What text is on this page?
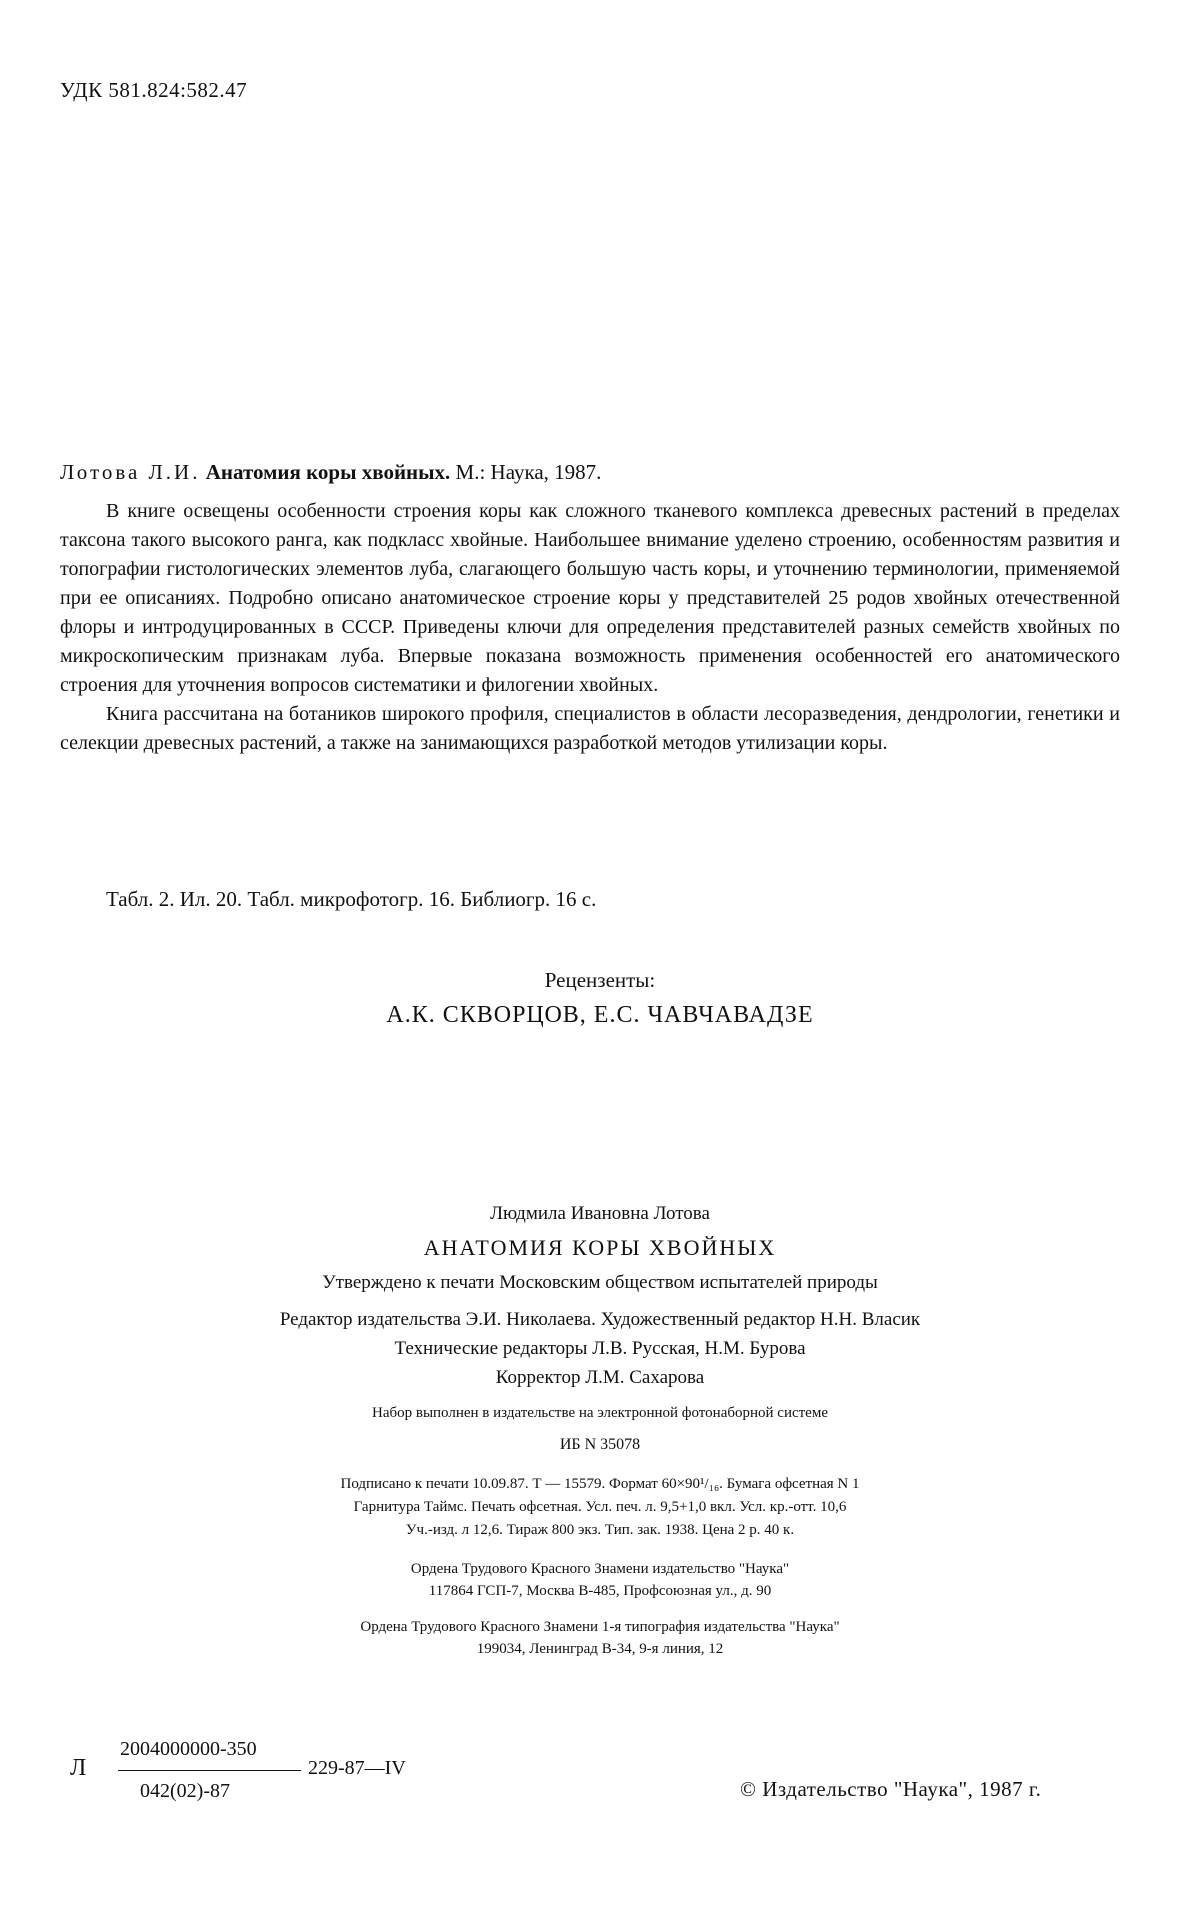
УДК 581.824:582.47
Лотова Л.И. Анатомия коры хвойных. М.: Наука, 1987.

В книге освещены особенности строения коры как сложного тканевого комплекса древесных растений в пределах таксона такого высокого ранга, как подкласс хвойные. Наибольшее внимание уделено строению, особенностям развития и топографии гистологических элементов луба, слагающего большую часть коры, и уточнению терминологии, применяемой при ее описаниях. Подробно описано анатомическое строение коры у представителей 25 родов хвойных отечественной флоры и интродуцированных в СССР. Приведены ключи для определения представителей разных семейств хвойных по микроскопическим признакам луба. Впервые показана возможность применения особенностей его анатомического строения для уточнения вопросов систематики и филогении хвойных.

Книга рассчитана на ботаников широкого профиля, специалистов в области лесоразведения, дендрологии, генетики и селекции древесных растений, а также на занимающихся разработкой методов утилизации коры.

Табл. 2. Ил. 20. Табл. микрофотогр. 16. Библиогр. 16 с.
Рецензенты:
А.К. СКВОРЦОВ, Е.С. ЧАВЧАВАДЗЕ
Людмила Ивановна Лотова
АНАТОМИЯ КОРЫ ХВОЙНЫХ
Утверждено к печати Московским обществом испытателей природы
Редактор издательства Э.И. Николаева. Художественный редактор Н.Н. Власик
Технические редакторы Л.В. Русская, Н.М. Бурова
Корректор Л.М. Сахарова
Набор выполнен в издательстве на электронной фотонаборной системе
ИБ N 35078
Подписано к печати 10.09.87. Т — 15579. Формат 60×90¹/₁₆. Бумага офсетная N 1
Гарнитура Таймс. Печать офсетная. Усл. печ. л. 9,5+1,0 вкл. Усл. кр.-отт. 10,6
Уч.-изд. л 12,6. Тираж 800 экз. Тип. зак. 1938. Цена 2 р. 40 к.
Ордена Трудового Красного Знамени издательство "Наука"
117864 ГСП-7, Москва В-485, Профсоюзная ул., д. 90
Ордена Трудового Красного Знамени 1-я типография издательства "Наука"
199034, Ленинград В-34, 9-я линия, 12
Л
2004000000-350
229-87—IV
042(02)-87	© Издательство "Наука", 1987 г.
